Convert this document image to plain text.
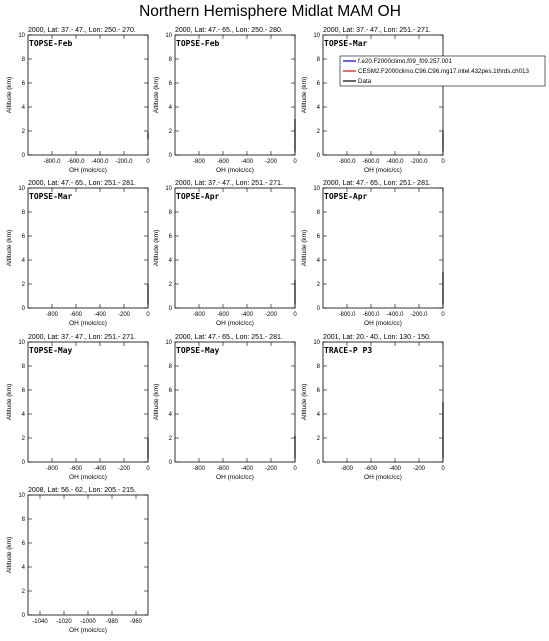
Northern Hemisphere Midlat MAM OH
2000, Lat: 37.- 47., Lon: 250.- 270.
0
2
4
6
8
10
-800.0 -600.0 -400.0 -200.0 0
OH (molc/cc)
Altitude (km)
TOPSE-Feb
2000, Lat: 47.- 65., Lon: 250.- 280.
0
2
4
6
8
10
-800 -600 -400 -200	0
OH (molc/cc)
Altitude (km)
TOPSE-Feb
2000, Lat: 37.- 47., Lon: 251.- 271.
0
2
4
6
8
10
-800.0 -600.0 -400.0 -200.0 0
OH (molc/cc)
Altitude (km)
TOPSE-Mar
2000, Lat: 47.- 65., Lon: 251.- 281.
0
2
4
6
8
10
-800 -600 -400 -200	0
OH (molc/cc)
Altitude (km)
TOPSE-Mar
2000, Lat: 37.- 47., Lon: 251.- 271.
0
2
4
6
8
10
-800 -600 -400 -200	0
OH (molc/cc)
Altitude (km)
TOPSE-Apr
2000, Lat: 47.- 65., Lon: 251.- 281.
0
2
4
6
8
10
-800.0 -600.0 -400.0 -200.0 0
OH (molc/cc)
Altitude (km)
TOPSE-Apr
2000, Lat: 37.- 47., Lon: 251.- 271.
0
2
4
6
8
10
-800 -600 -400 -200	0
OH (molc/cc)
Altitude (km)
TOPSE-May
2000, Lat: 47.- 65., Lon: 251.- 281.
0
2
4
6
8
10
-800 -600 -400 -200	0
OH (molc/cc)
Altitude (km)
TOPSE-May
2001, Lat: 20.- 40., Lon: 130.- 150.
0
2
4
6
8
10
-800 -600 -400 -200	0
OH (molc/cc)
Altitude (km)
TRACE-P P3
2008, Lat: 56.- 62., Lon: 205.- 215.
0
2
4
6
8
10
-1040 -1020 -1000 -980 -960
OH (molc/cc)
Altitude (km)
f.e20.F2000climo.f09_f09.257.001
CESM2.F2000climo.C96.C96.mg17.intel.432pes.1thrds.ch013
Data
